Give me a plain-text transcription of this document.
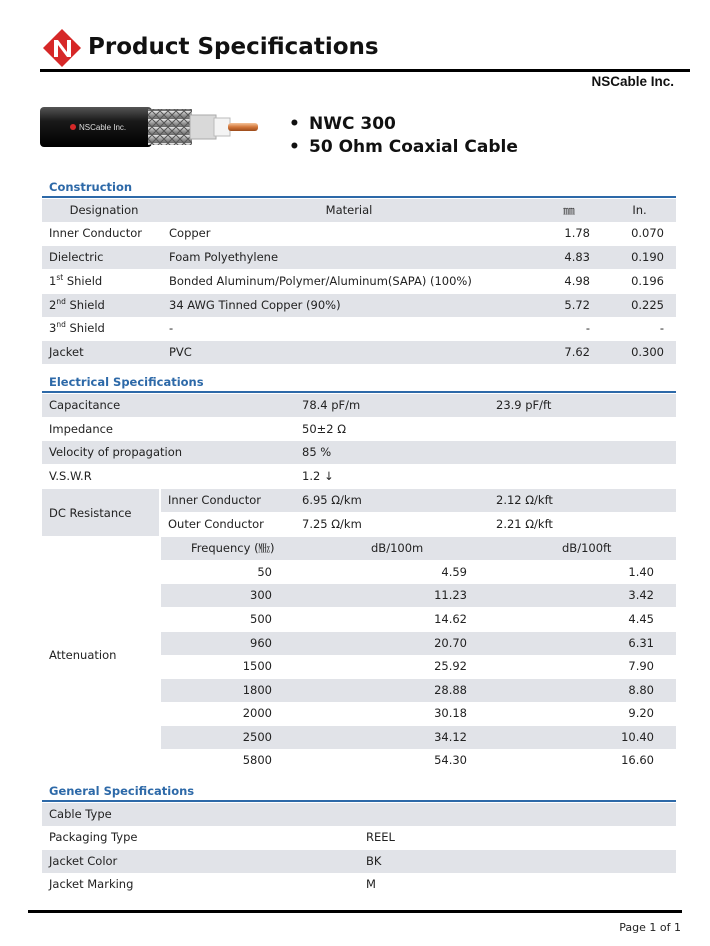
Product Specifications
NSCable Inc.
NSCable Inc.	• NWC 300
• 50 Ohm Coaxial Cable
Construction
Designation	Material	㎜	In.
Inner Conductor Copper	1.78	0.070
Dielectric	Foam Polyethylene	4.83	0.190
1st Shield	Bonded Aluminum/Polymer/Aluminum(SAPA) (100%)	4.98	0.196
2nd Shield	34 AWG Tinned Copper (90%)	5.72	0.225
3nd Shield	-	-	-
Jacket	PVC	7.62	0.300
Electrical Specifications
Capacitance	78.4 pF/m	23.9 pF/ft
Impedance	50±2 Ω
Velocity of propagation	85 %
V.S.W.R	1.2 ↓
DC Resistance
Inner Conductor	6.95 Ω/km	2.12 Ω/kft
Outer Conductor	7.25 Ω/km	2.21 Ω/kft
Attenuation
Frequency (㎒)	dB/100m	dB/100ft
50	4.59	1.40
300	11.23	3.42
500	14.62	4.45
960	20.70	6.31
1500	25.92	7.90
1800	28.88	8.80
2000	30.18	9.20
2500	34.12	10.40
5800	54.30	16.60
General Specifications
Cable Type
Packaging Type	REEL
Jacket Color	BK
Jacket Marking	M
Page 1 of 1
